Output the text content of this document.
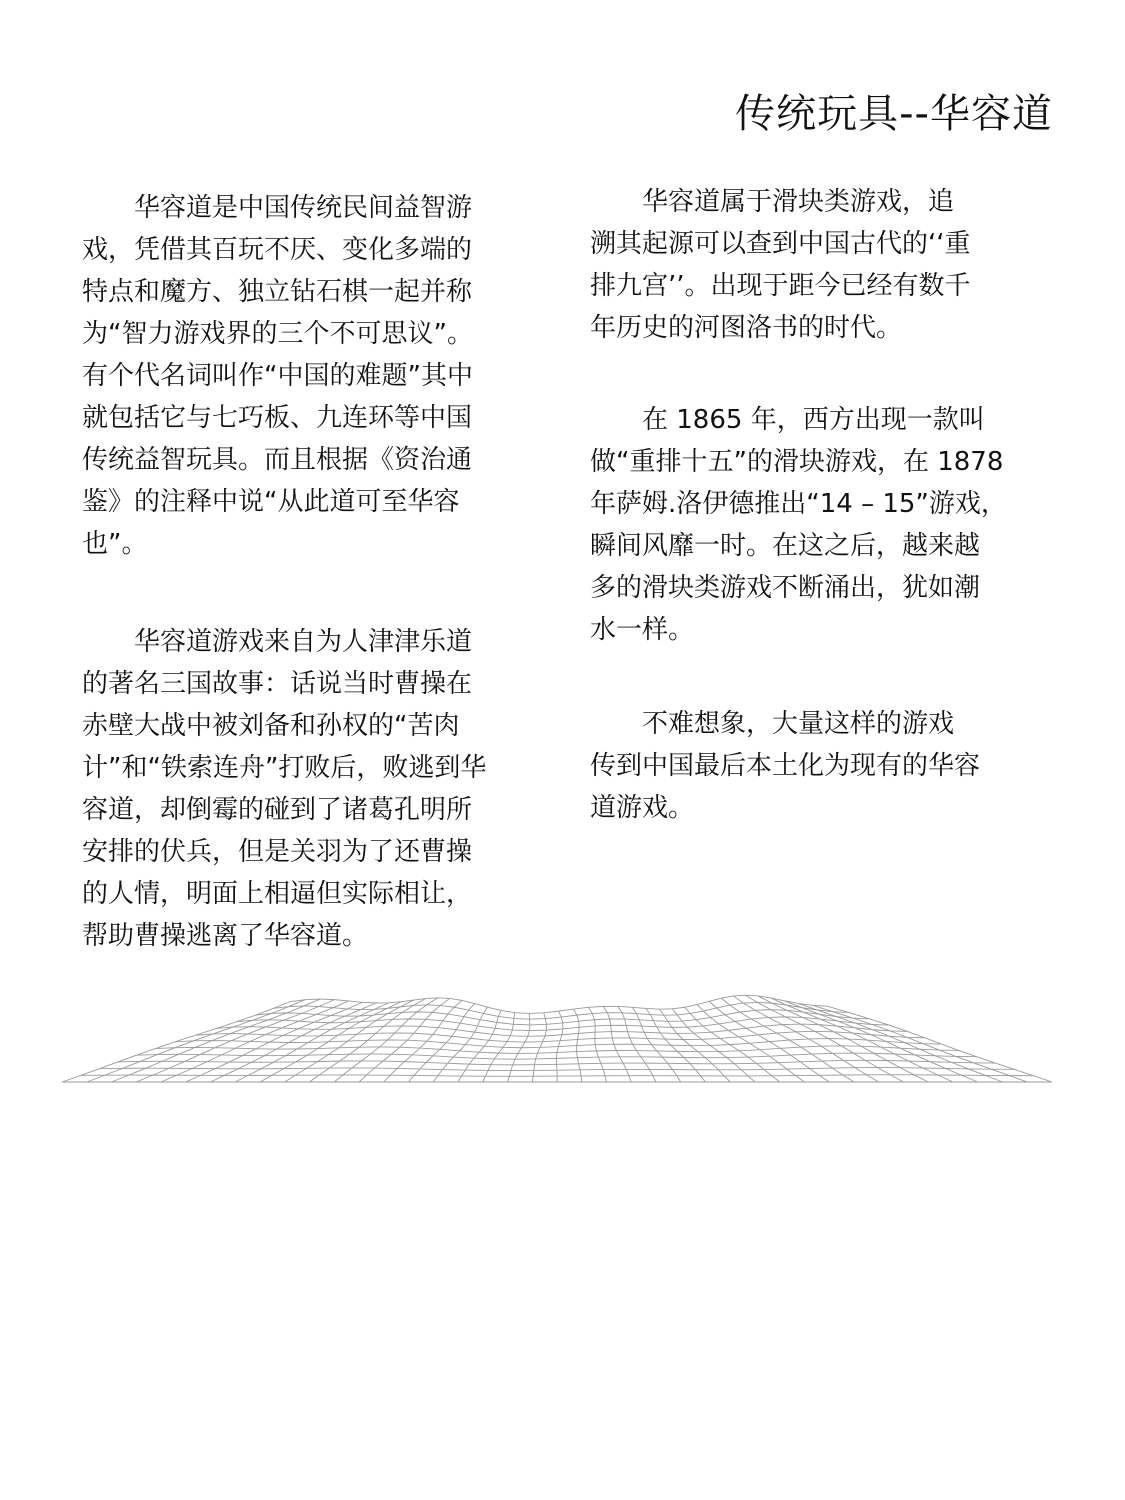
传统玩具--华容道
　　华容道是中国传统民间益智游
戏，凭借其百玩不厌、变化多端的
特点和魔方、独立钻石棋一起并称
为“智力游戏界的三个不可思议”。
有个代名词叫作“中国的难题”其中
就包括它与七巧板、九连环等中国
传统益智玩具。而且根据《资治通
鉴》的注释中说“从此道可至华容
也”。
　　华容道游戏来自为人津津乐道
的著名三国故事：话说当时曹操在
赤壁大战中被刘备和孙权的“苦肉
计”和“铁索连舟”打败后，败逃到华
容道，却倒霉的碰到了诸葛孔明所
安排的伏兵，但是关羽为了还曹操
的人情，明面上相逼但实际相让，
帮助曹操逃离了华容道。
　　华容道属于滑块类游戏，追
溯其起源可以查到中国古代的‘‘重
排九宫’’。出现于距今已经有数千
年历史的河图洛书的时代。
　　在 1865 年，西方出现一款叫
做“重排十五”的滑块游戏，在 1878
年萨姆.洛伊德推出“14 – 15”游戏，
瞬间风靡一时。在这之后，越来越
多的滑块类游戏不断涌出，犹如潮
水一样。
　　不难想象，大量这样的游戏
传到中国最后本土化为现有的华容
道游戏。
